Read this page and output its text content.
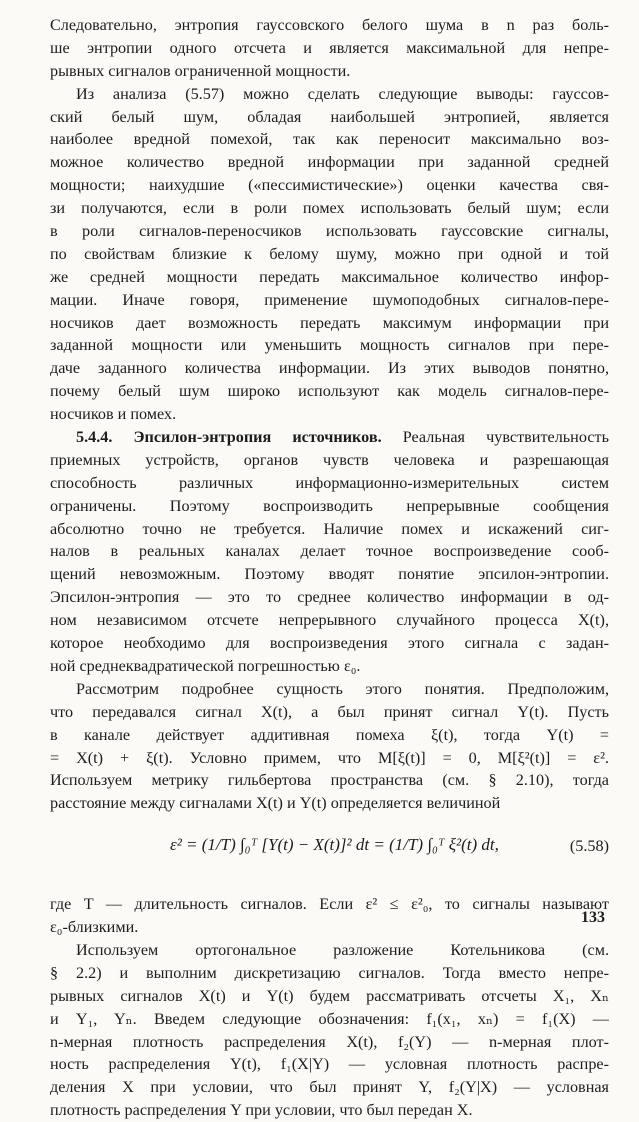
Следовательно, энтропия гауссовского белого шума в n раз боль-
ше энтропии одного отсчета и является максимальной для непре-
рывных сигналов ограниченной мощности.
Из анализа (5.57) можно сделать следующие выводы: гауссов-
ский белый шум, обладая наибольшей энтропией, является
наиболее вредной помехой, так как переносит максимально воз-
можное количество вредной информации при заданной средней
мощности; наихудшие («пессимистические») оценки качества свя-
зи получаются, если в роли помех использовать белый шум; если
в роли сигналов-переносчиков использовать гауссовские сигналы,
по свойствам близкие к белому шуму, можно при одной и той
же средней мощности передать максимальное количество инфор-
мации. Иначе говоря, применение шумоподобных сигналов-пере-
носчиков дает возможность передать максимум информации при
заданной мощности или уменьшить мощность сигналов при пере-
даче заданного количества информации. Из этих выводов понятно,
почему белый шум широко используют как модель сигналов-пере-
носчиков и помех.
5.4.4. Эпсилон-энтропия источников. Реальная чувствительность
приемных устройств, органов чувств человека и разрешающая
способность различных информационно-измерительных систем
ограничены. Поэтому воспроизводить непрерывные сообщения
абсолютно точно не требуется. Наличие помех и искажений сиг-
налов в реальных каналах делает точное воспроизведение сооб-
щений невозможным. Поэтому вводят понятие эпсилон-энтропии.
Эпсилон-энтропия — это то среднее количество информации в од-
ном независимом отсчете непрерывного случайного процесса X(t),
которое необходимо для воспроизведения этого сигнала с задан-
ной среднеквадратической погрешностью ε₀.
Рассмотрим подробнее сущность этого понятия. Предположим,
что передавался сигнал X(t), а был принят сигнал Y(t). Пусть
в канале действует аддитивная помеха ξ(t), тогда Y(t) =
= X(t) + ξ(t). Условно примем, что M[ξ(t)] = 0, M[ξ²(t)] = ε².
Используем метрику гильбертова пространства (см. § 2.10), тогда
расстояние между сигналами X(t) и Y(t) определяется величиной
ε² = (1/T) ∫₀ᵀ [Y(t) − X(t)]² dt = (1/T) ∫₀ᵀ ξ²(t) dt,	(5.58)
где T — длительность сигналов. Если ε² ≤ ε²₀, то сигналы называют
ε₀-близкими.
Используем ортогональное разложение Котельникова (см.
§ 2.2) и выполним дискретизацию сигналов. Тогда вместо непре-
рывных сигналов X(t) и Y(t) будем рассматривать отсчеты X₁, Xₙ
и Y₁, Yₙ. Введем следующие обозначения: f₁(x₁, xₙ) = f₁(X) —
n-мерная плотность распределения X(t), f₂(Y) — n-мерная плот-
ность распределения Y(t), f₁(X|Y) — условная плотность распре-
деления X при условии, что был принят Y, f₂(Y|X) — условная
плотность распределения Y при условии, что был передан X.
133
